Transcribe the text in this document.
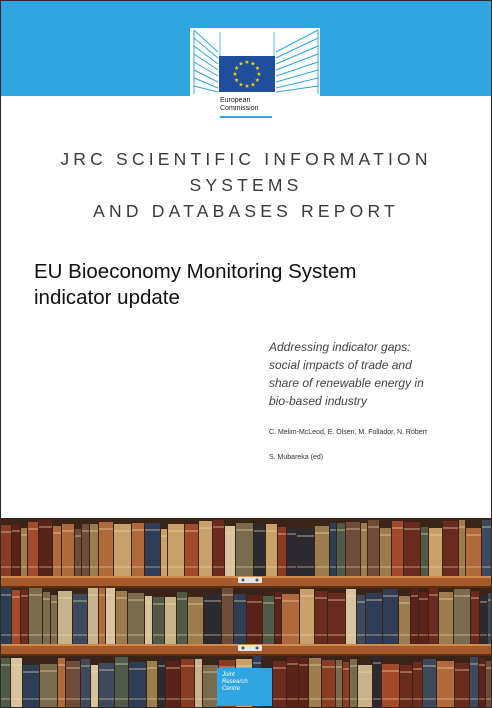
★ ★
★
★
★
★
★
★
★
★
★
★
European
Commission
JRC SCIENTIFIC INFORMATION SYSTEMS
AND DATABASES REPORT
EU Bioeconomy Monitoring System
indicator update
Addressing indicator gaps:
social impacts of trade and
share of renewable energy in
bio-based industry
C. Melim-McLeod, E. Olsen, M. Follador, N. Robert
S. Mubareka (ed)
Joint
Research
Centre
